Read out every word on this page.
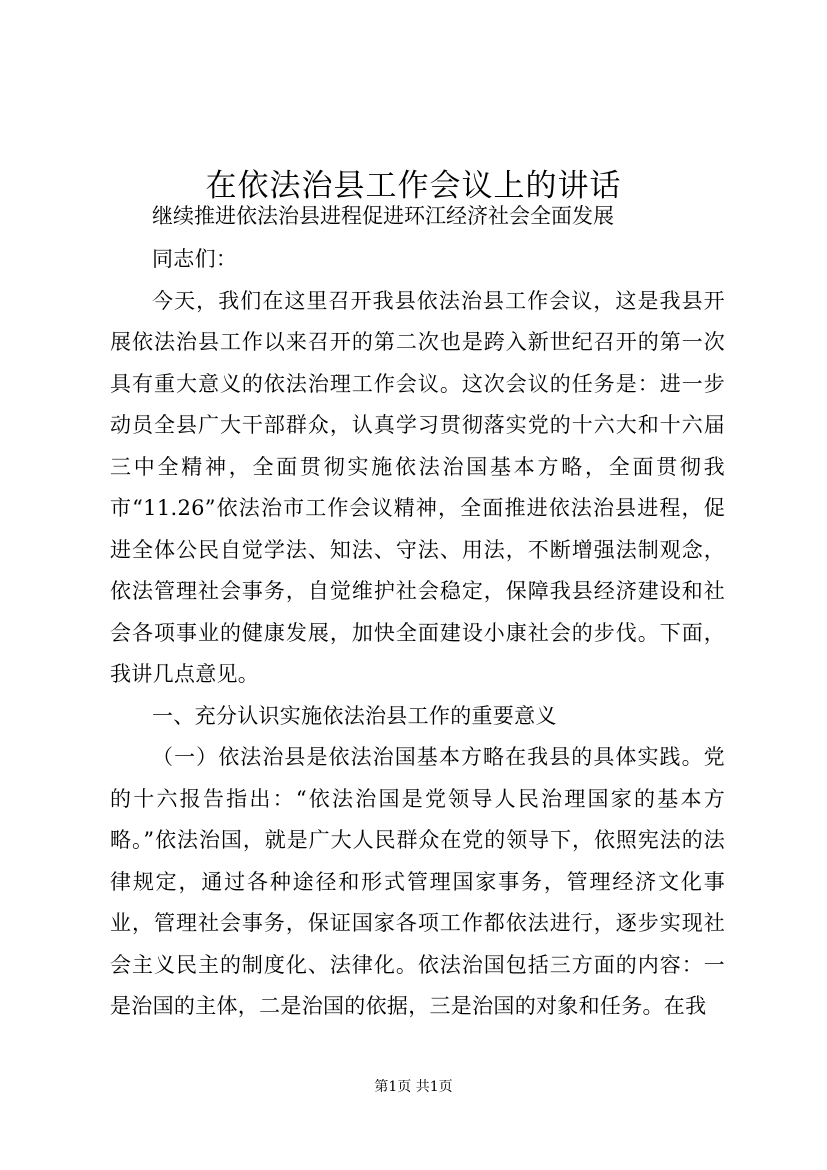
在依法治县工作会议上的讲话
继续推进依法治县进程促进环江经济社会全面发展

同志们：

今天，我们在这里召开我县依法治县工作会议，这是我县开展依法治县工作以来召开的第二次也是跨入新世纪召开的第一次具有重大意义的依法治理工作会议。这次会议的任务是：进一步动员全县广大干部群众，认真学习贯彻落实党的十六大和十六届三中全精神，全面贯彻实施依法治国基本方略，全面贯彻我市“11.26”依法治市工作会议精神，全面推进依法治县进程，促进全体公民自觉学法、知法、守法、用法，不断增强法制观念，依法管理社会事务，自觉维护社会稳定，保障我县经济建设和社会各项事业的健康发展，加快全面建设小康社会的步伐。下面，我讲几点意见。

一、充分认识实施依法治县工作的重要意义

（一）依法治县是依法治国基本方略在我县的具体实践。党的十六报告指出：“依法治国是党领导人民治理国家的基本方略。”依法治国，就是广大人民群众在党的领导下，依照宪法的法律规定，通过各种途径和形式管理国家事务，管理经济文化事业，管理社会事务，保证国家各项工作都依法进行，逐步实现社会主义民主的制度化、法律化。依法治国包括三方面的内容：一是治国的主体，二是治国的依据，三是治国的对象和任务。在我

第1页 共1页
